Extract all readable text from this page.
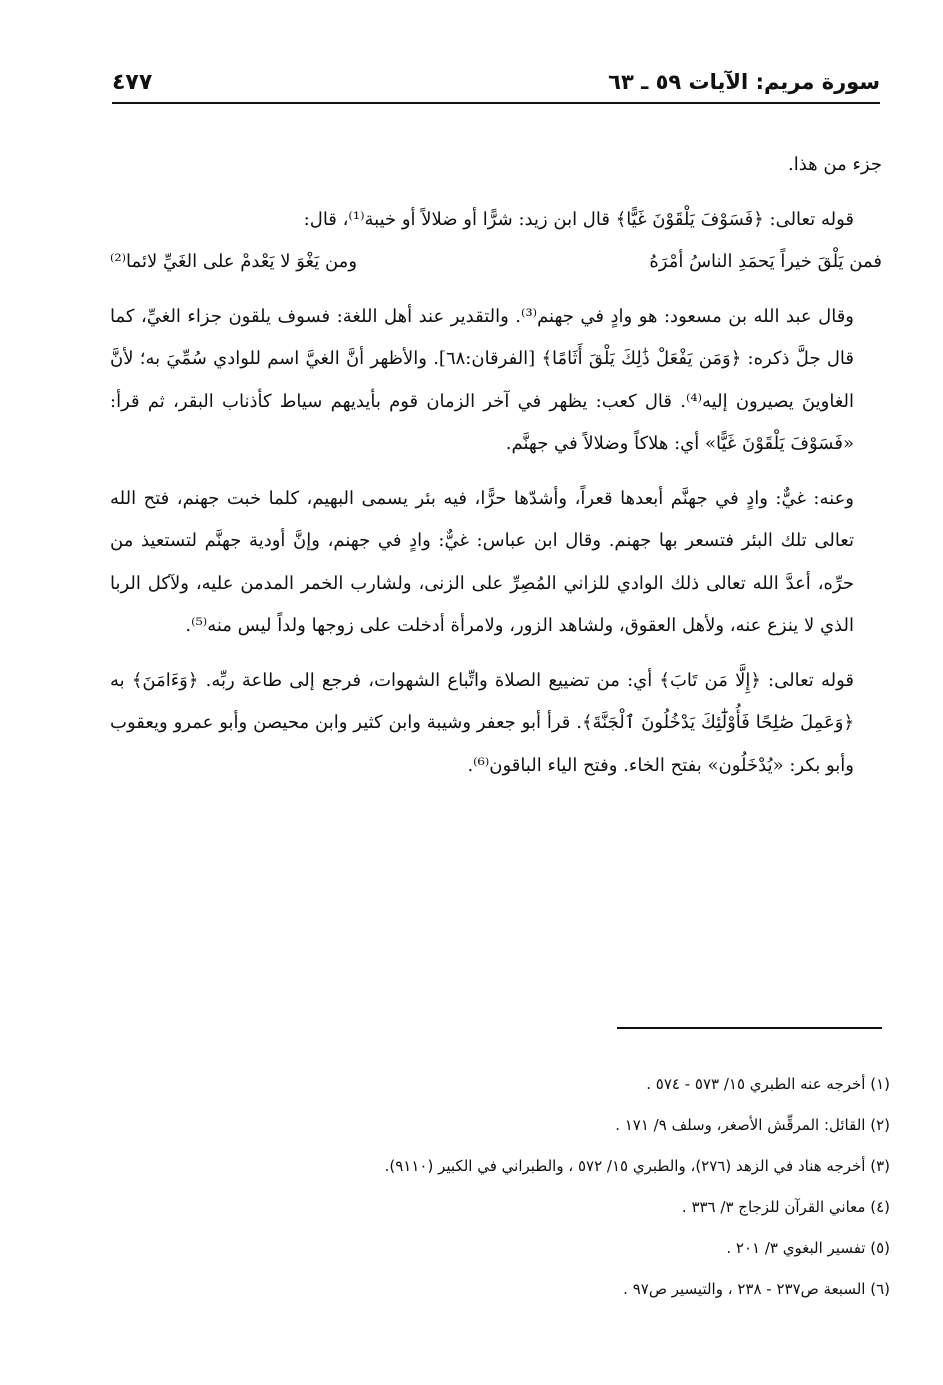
سورة مريم: الآيات ٥٩ ـ ٦٣
٤٧٧

جزء من هذا.

قوله تعالى: ﴿فَسَوْفَ يَلْقَوْنَ غَيًّا﴾ قال ابن زيد: شرًّا أو ضلالاً أو خيبة⁽¹⁾، قال:

فمن يَلْقَ خيراً يَحمَدِ الناسُ أمْرَهُ
ومن يَغْوَ لا يَعْدمْ على الغَيِّ لائما⁽²⁾

وقال عبد الله بن مسعود: هو وادٍ في جهنم⁽³⁾. والتقدير عند أهل اللغة: فسوف يلقون جزاء الغيِّ، كما قال جلَّ ذكره: ﴿وَمَن يَفْعَلْ ذَٰلِكَ يَلْقَ أَثَامًا﴾ [الفرقان:٦٨]. والأظهر أنَّ الغيَّ اسم للوادي سُمِّيَ به؛ لأنَّ الغاوينَ يصيرون إليه⁽⁴⁾. قال كعب: يظهر في آخر الزمان قوم بأيديهم سياط كأذناب البقر، ثم قرأ: «فَسَوْفَ يَلْقَوْنَ غَيًّا» أي: هلاكاً وضلالاً في جهنَّم.

وعنه: غيٌّ: وادٍ في جهنَّم أبعدها قعراً، وأشدّها حرًّا، فيه بئر يسمى البهيم، كلما خبت جهنم، فتح الله تعالى تلك البئر فتسعر بها جهنم. وقال ابن عباس: غيٌّ: وادٍ في جهنم، وإنَّ أودية جهنَّم لتستعيذ من حرِّه، أعدَّ الله تعالى ذلك الوادي للزاني المُصِرِّ على الزنى، ولشارب الخمر المدمن عليه، ولآكل الربا الذي لا ينزع عنه، ولأهل العقوق، ولشاهد الزور، ولامرأة أدخلت على زوجها ولداً ليس منه⁽⁵⁾.

قوله تعالى: ﴿إِلَّا مَن تَابَ﴾ أي: من تضييع الصلاة واتِّباع الشهوات، فرجع إلى طاعة ربِّه. ﴿وَءَامَنَ﴾ به ﴿وَعَمِلَ صَٰلِحًا فَأُوْلَٰٓئِكَ يَدْخُلُونَ ٱلْجَنَّةَ﴾. قرأ أبو جعفر وشيبة وابن كثير وابن محيصن وأبو عمرو ويعقوب وأبو بكر: «يُدْخَلُون» بفتح الخاء. وفتح الياء الباقون⁽⁶⁾.

(١) أخرجه عنه الطبري ١٥/ ٥٧٣ - ٥٧٤ .
(٢) القائل: المرقِّش الأصغر، وسلف ٩/ ١٧١ .
(٣) أخرجه هناد في الزهد (٢٧٦)، والطبري ١٥/ ٥٧٢ ، والطبراني في الكبير (٩١١٠).
(٤) معاني القرآن للزجاج ٣/ ٣٣٦ .
(٥) تفسير البغوي ٣/ ٢٠١ .
(٦) السبعة ص٢٣٧ - ٢٣٨ ، والتيسير ص٩٧ .
